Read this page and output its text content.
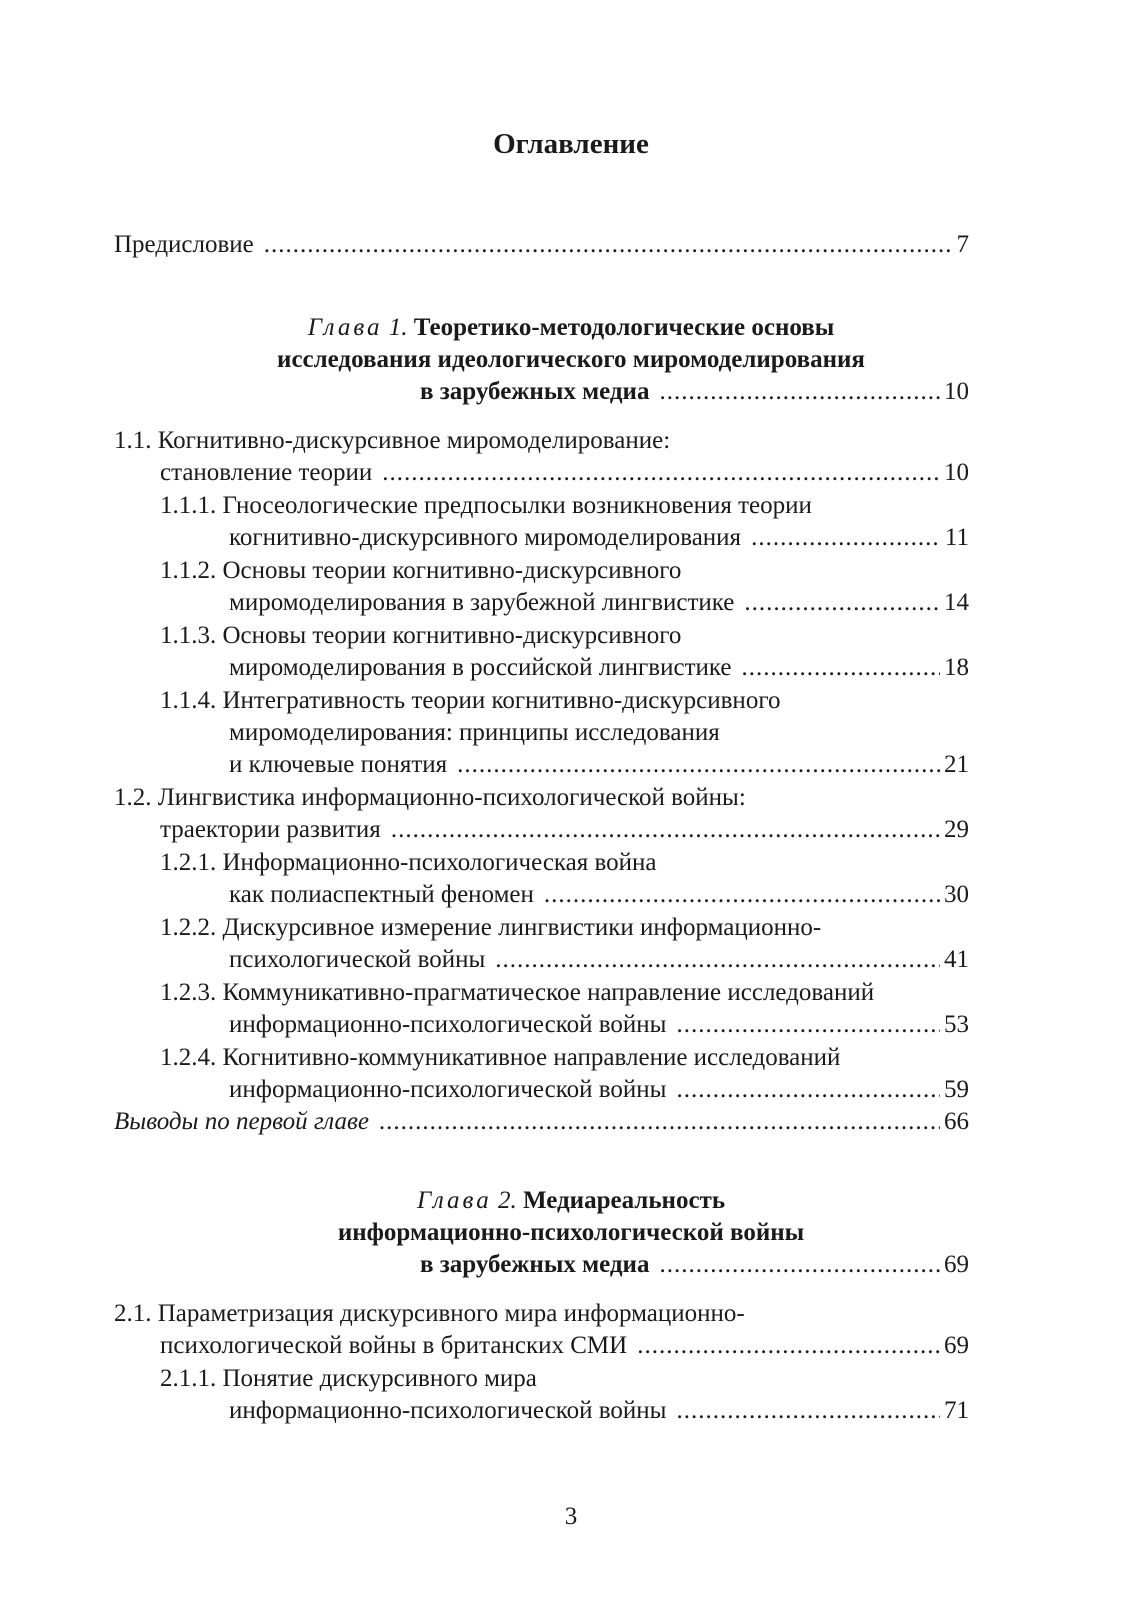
Оглавление
Предисловие .....	7
Глава 1. Теоретико-методологические основы
исследования идеологического миромоделирования
в зарубежных медиа .....	10
1.1. Когнитивно-дискурсивное миромоделирование:
становление теории .....	10
1.1.1. Гносеологические предпосылки возникновения теории
когнитивно-дискурсивного миромоделирования .....	11
1.1.2. Основы теории когнитивно-дискурсивного
миромоделирования в зарубежной лингвистике .....	14
1.1.3. Основы теории когнитивно-дискурсивного
миромоделирования в российской лингвистике .....	18
1.1.4. Интегративность теории когнитивно-дискурсивного
миромоделирования: принципы исследования
и ключевые понятия .....	21
1.2. Лингвистика информационно-психологической войны:
траектории развития .....	29
1.2.1. Информационно-психологическая война
как полиаспектный феномен .....	30
1.2.2. Дискурсивное измерение лингвистики информационно-
психологической войны .....	41
1.2.3. Коммуникативно-прагматическое направление исследований
информационно-психологической войны .....	53
1.2.4. Когнитивно-коммуникативное направление исследований
информационно-психологической войны .....	59
Выводы по первой главе .....	66
Глава 2. Медиареальность
информационно-психологической войны
в зарубежных медиа .....	69
2.1. Параметризация дискурсивного мира информационно-
психологической войны в британских СМИ .....	69
2.1.1. Понятие дискурсивного мира
информационно-психологической войны .....	71
3
